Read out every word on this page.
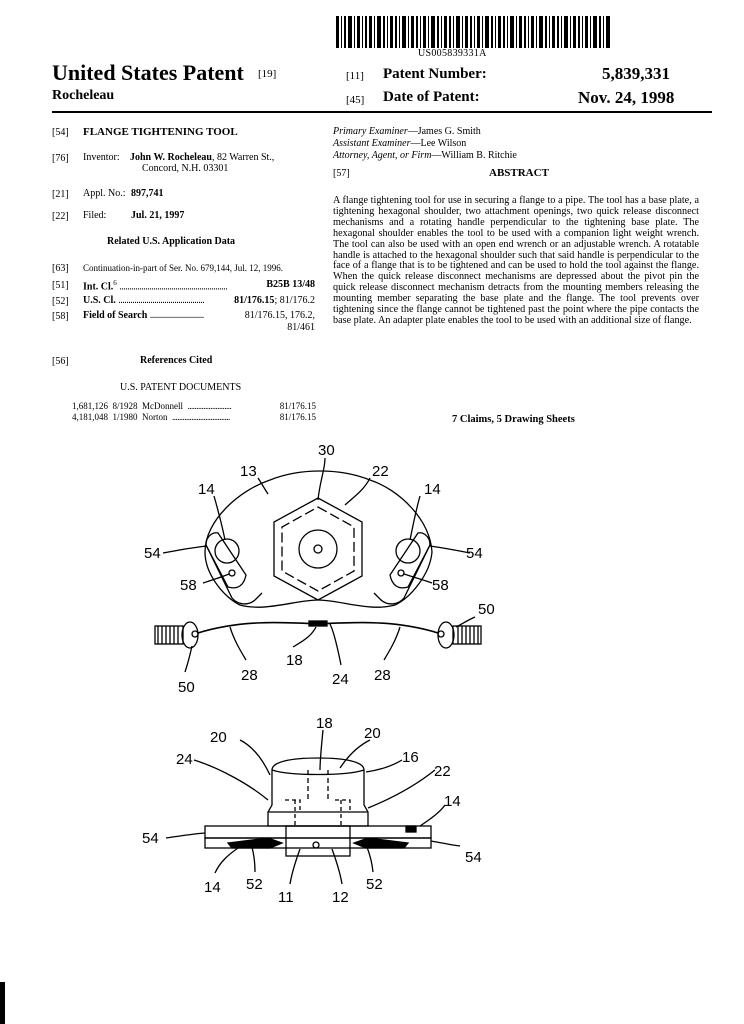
US005839331A
United States Patent [19]
Rocheleau
[11] Patent Number:	5,839,331
[45] Date of Patent:	Nov. 24, 1998
[54] FLANGE TIGHTENING TOOL
[76] Inventor: John W. Rocheleau, 82 Warren St.,
Concord, N.H. 03301
[21] Appl. No.: 897,741
[22] Filed: Jul. 21, 1997
Related U.S. Application Data
[63] Continuation-in-part of Ser. No. 679,144, Jul. 12, 1996.
[51] Int. Cl.$^6$ ......................................................	B25B 13/48
[52] U.S. Cl. ...........................................	81/176.15; 81/176.2
[58] Field of Search ...........................	81/176.15, 176.2,
81/461
[56]	References Cited
U.S. PATENT DOCUMENTS
1,681,126 8/1928 McDonnell .........................	81/176.15
4,181,048 1/1980 Norton .................................	81/176.15
Primary Examiner—James G. Smith
Assistant Examiner—Lee Wilson
Attorney, Agent, or Firm—William B. Ritchie
[57]	ABSTRACT
A flange tightening tool for use in securing a flange to a pipe. The tool has a base plate, a tightening hexagonal shoulder, two attachment openings, two quick release disconnect mechanisms and a rotating handle perpendicular to the tightening base plate. The hexagonal shoulder enables the tool to be used with a companion light weight wrench. The tool can also be used with an open end wrench or an adjustable wrench. A rotatable handle is attached to the hexagonal shoulder such that said handle is perpendicular to the face of a flange that is to be tightened and can be used to hold the tool against the flange. When the quick release disconnect mechanisms are depressed about the pivot pin the quick release disconnect mechanism detracts from the mounting members releasing the mounting member separating the base plate and the flange. The tool prevents over tightening since the flange cannot be tightened past the point where the pipe contacts the base plate. An adapter plate enables the tool to be used with an additional size of flange.
7 Claims, 5 Drawing Sheets
30
13	22
14	14
54	54
58	58
50
50
28	28
18
24
18
20	20
24	16
22
14
54
54
14 52	52
11	12
